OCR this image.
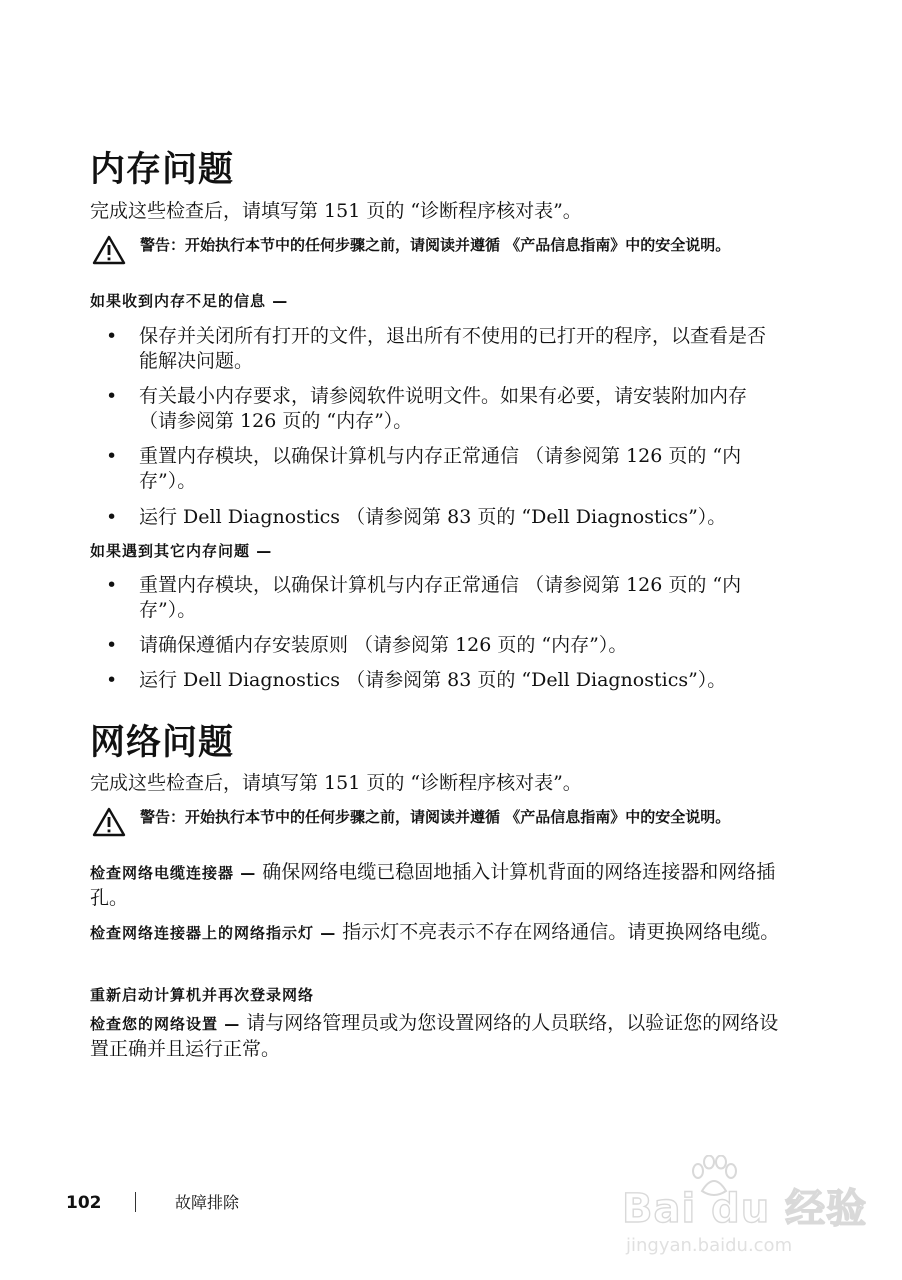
内存问题
完成这些检查后，请填写第 151 页的 “诊断程序核对表”。
警告：开始执行本节中的任何步骤之前，请阅读并遵循 《产品信息指南》中的安全说明。
如果收到内存不足的信息 —
• 保存并关闭所有打开的文件，退出所有不使用的已打开的程序，以查看是否能解决问题。
• 有关最小内存要求，请参阅软件说明文件。如果有必要，请安装附加内存 （请参阅第 126 页的 “内存”）。
• 重置内存模块，以确保计算机与内存正常通信 （请参阅第 126 页的 “内存”）。
• 运行 Dell Diagnostics （请参阅第 83 页的 “Dell Diagnostics”）。
如果遇到其它内存问题 —
• 重置内存模块，以确保计算机与内存正常通信 （请参阅第 126 页的 “内存”）。
• 请确保遵循内存安装原则 （请参阅第 126 页的 “内存”）。
• 运行 Dell Diagnostics （请参阅第 83 页的 “Dell Diagnostics”）。
网络问题
完成这些检查后，请填写第 151 页的 “诊断程序核对表”。
警告：开始执行本节中的任何步骤之前，请阅读并遵循 《产品信息指南》中的安全说明。
检查网络电缆连接器 — 确保网络电缆已稳固地插入计算机背面的网络连接器和网络插孔。
检查网络连接器上的网络指示灯 — 指示灯不亮表示不存在网络通信。请更换网络电缆。
重新启动计算机并再次登录网络
检查您的网络设置 — 请与网络管理员或为您设置网络的人员联络，以验证您的网络设置正确并且运行正常。
102	故障排除	Bai du 经验
jingyan.baidu.com
